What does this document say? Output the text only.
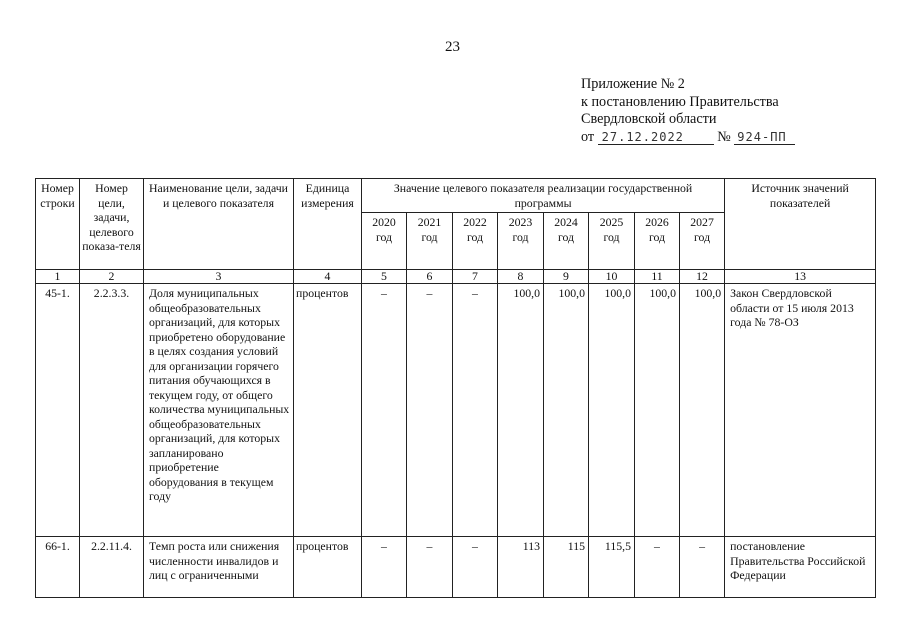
23
Приложение № 2
к постановлению Правительства
Свердловской области
от 27.12.2022 № 924-ПП
Номер строки	Номер цели, задачи, целевого показа-теля	Наименование цели, задачи и целевого показателя	Единица измерения	Значение целевого показателя реализации государственной программы								Источник значений показателей
				2020 год	2021 год	2022 год	2023 год	2024 год	2025 год	2026 год	2027 год	
1	2	3	4	5	6	7	8	9	10	11	12	13
45-1.	2.2.3.3.	Доля муниципальных общеобразовательных организаций, для которых приобретено оборудование в целях создания условий для организации горячего питания обучающихся в текущем году, от общего количества муниципальных общеобразовательных организаций, для которых запланировано приобретение оборудования в текущем году	процентов	–	–	–	100,0	100,0	100,0	100,0	100,0	Закон Свердловской области от 15 июля 2013 года № 78-ОЗ
66-1.	2.2.11.4.	Темп роста или снижения численности инвалидов и лиц с ограниченными	процентов	–	–	–	113	115	115,5	–	–	постановление Правительства Российской Федерации
